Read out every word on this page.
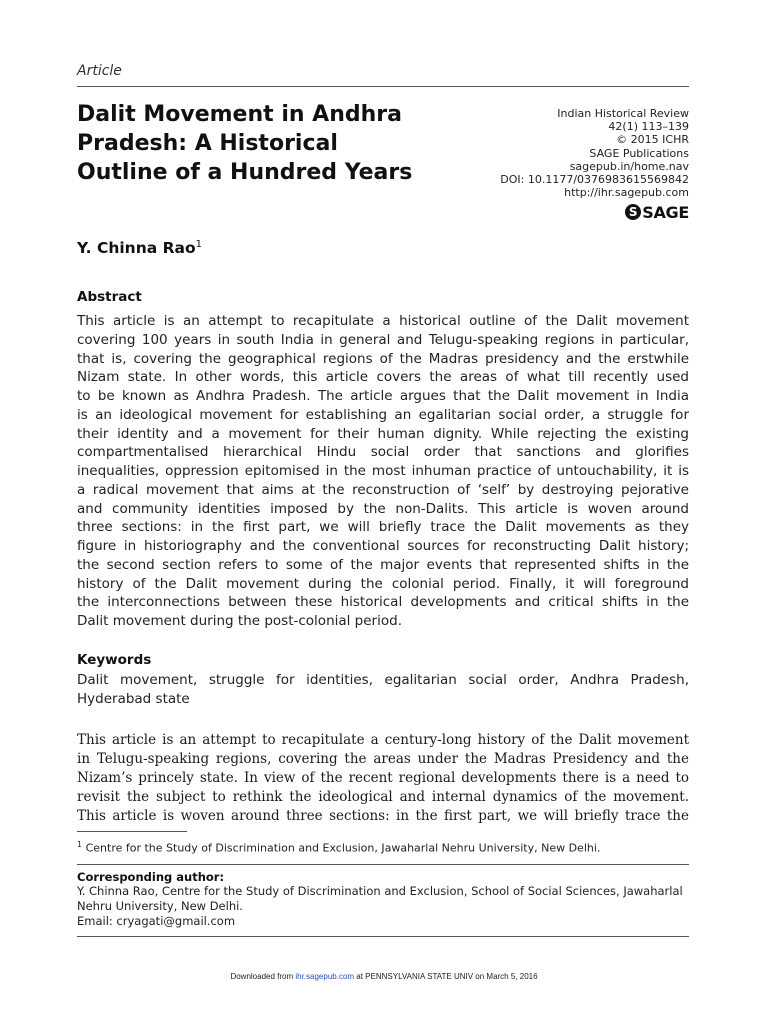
Article
Dalit Movement in Andhra
Pradesh: A Historical
Outline of a Hundred Years
Indian Historical Review
42(1) 113–139
© 2015 ICHR
SAGE Publications
sagepub.in/home.nav
DOI: 10.1177/0376983615569842
http://ihr.sagepub.com
S SAGE
Y. Chinna Rao$^1$
Abstract
This article is an attempt to recapitulate a historical outline of the Dalit movement
covering 100 years in south India in general and Telugu-speaking regions in particular,
that is, covering the geographical regions of the Madras presidency and the erstwhile
Nizam state. In other words, this article covers the areas of what till recently used
to be known as Andhra Pradesh. The article argues that the Dalit movement in India
is an ideological movement for establishing an egalitarian social order, a struggle for
their identity and a movement for their human dignity. While rejecting the existing
compartmentalised hierarchical Hindu social order that sanctions and glorifies
inequalities, oppression epitomised in the most inhuman practice of untouchability, it is
a radical movement that aims at the reconstruction of ‘self’ by destroying pejorative
and community identities imposed by the non-Dalits. This article is woven around
three sections: in the first part, we will briefly trace the Dalit movements as they
figure in historiography and the conventional sources for reconstructing Dalit history;
the second section refers to some of the major events that represented shifts in the
history of the Dalit movement during the colonial period. Finally, it will foreground
the interconnections between these historical developments and critical shifts in the
Dalit movement during the post-colonial period.
Keywords
Dalit movement, struggle for identities, egalitarian social order, Andhra Pradesh,
Hyderabad state
This article is an attempt to recapitulate a century-long history of the Dalit movement
in Telugu-speaking regions, covering the areas under the Madras Presidency and the
Nizam’s princely state. In view of the recent regional developments there is a need to
revisit the subject to rethink the ideological and internal dynamics of the movement.
This article is woven around three sections: in the first part, we will briefly trace the
$^1$ Centre for the Study of Discrimination and Exclusion, Jawaharlal Nehru University, New Delhi.
Corresponding author:
Y. Chinna Rao, Centre for the Study of Discrimination and Exclusion, School of Social Sciences, Jawaharlal
Nehru University, New Delhi.
Email: cryagati@gmail.com
Downloaded from ihr.sagepub.com at PENNSYLVANIA STATE UNIV on March 5, 2016
